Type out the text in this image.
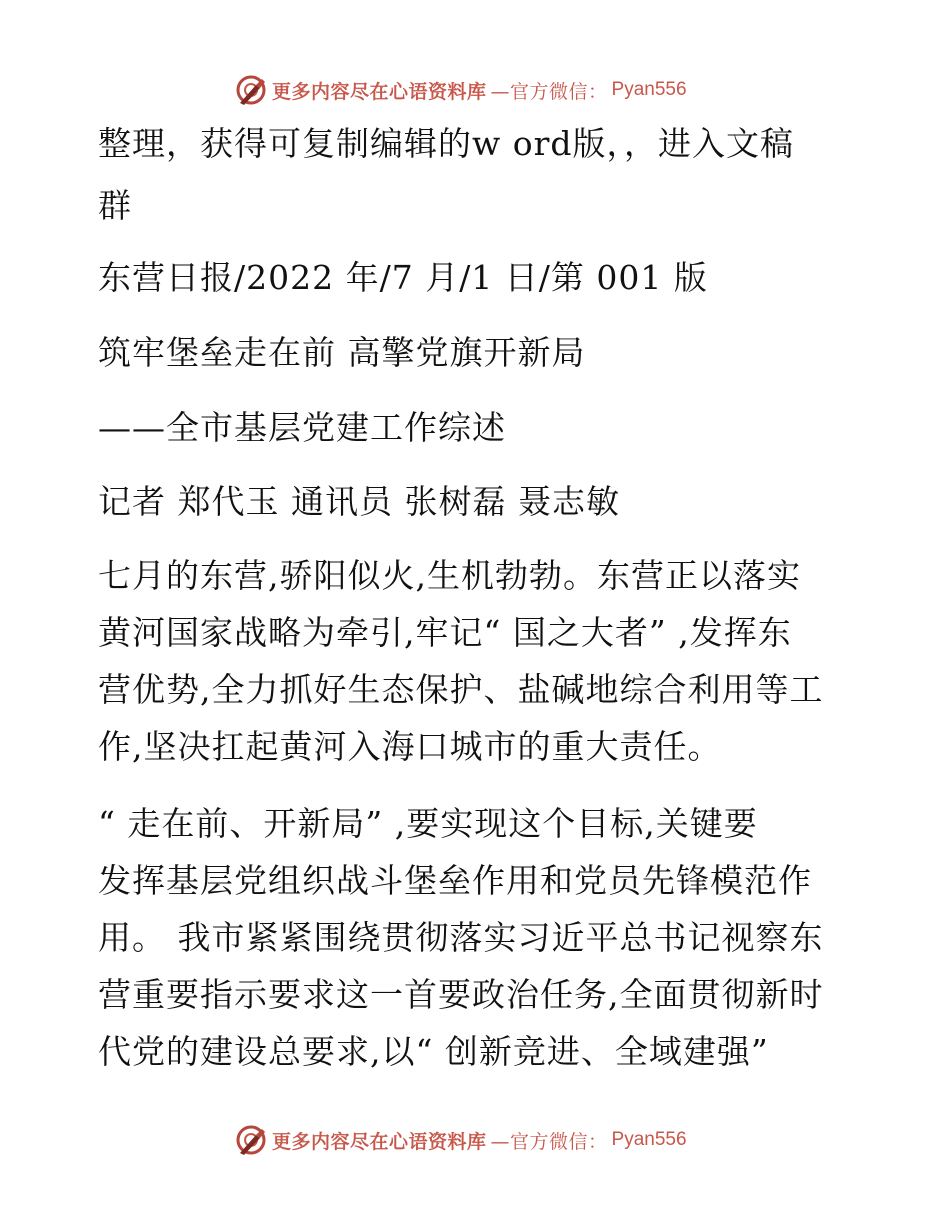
更多内容尽在心语资料库 —官方微信： Pyan556
整理，获得可复制编辑的w ord版，，进入文稿
群
东营日报/2022 年/7 月/1 日/第 001 版
筑牢堡垒走在前 高擎党旗开新局
——全市基层党建工作综述
记者 郑代玉 通讯员 张树磊 聂志敏
七月的东营,骄阳似火,生机勃勃。东营正以落实
黄河国家战略为牵引,牢记“ 国之大者” ,发挥东
营优势,全力抓好生态保护、盐碱地综合利用等工
作,坚决扛起黄河入海口城市的重大责任。
“ 走在前、开新局” ,要实现这个目标,关键要
发挥基层党组织战斗堡垒作用和党员先锋模范作
用。 我市紧紧围绕贯彻落实习近平总书记视察东
营重要指示要求这一首要政治任务,全面贯彻新时
代党的建设总要求,以“ 创新竞进、全域建强”
更多内容尽在心语资料库 —官方微信： Pyan556
